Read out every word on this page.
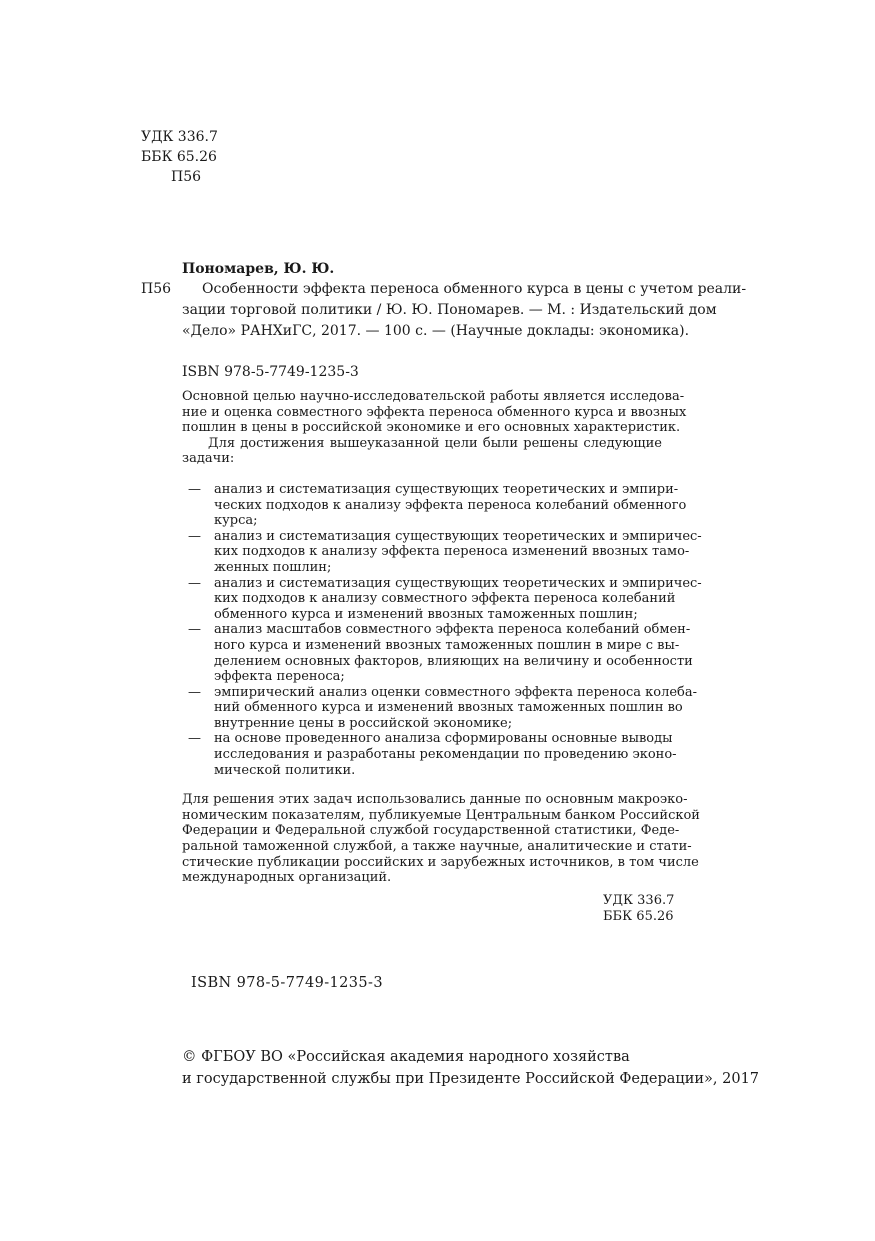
УДК 336.7
ББК 65.26
П56
Пономарев, Ю. Ю.
П56	Особенности эффекта переноса обменного курса в цены с учетом реали-
зации торговой политики / Ю. Ю. Пономарев. — М. : Издательский дом
«Дело» РАНХиГС, 2017. — 100 с. — (Научные доклады: экономика).
ISBN 978-5-7749-1235-3
Основной целью научно-исследовательской работы является исследова-
ние и оценка совместного эффекта переноса обменного курса и ввозных
пошлин в цены в российской экономике и его основных характеристик.
Для достижения вышеуказанной цели были решены следующие
задачи:
— анализ и систематизация существующих теоретических и эмпири-
ческих подходов к анализу эффекта переноса колебаний обменного
курса;
— анализ и систематизация существующих теоретических и эмпиричес-
ких подходов к анализу эффекта переноса изменений ввозных тамо-
женных пошлин;
— анализ и систематизация существующих теоретических и эмпиричес-
ких подходов к анализу совместного эффекта переноса колебаний
обменного курса и изменений ввозных таможенных пошлин;
— анализ масштабов совместного эффекта переноса колебаний обмен-
ного курса и изменений ввозных таможенных пошлин в мире с вы-
делением основных факторов, влияющих на величину и особенности
эффекта переноса;
— эмпирический анализ оценки совместного эффекта переноса колеба-
ний обменного курса и изменений ввозных таможенных пошлин во
внутренние цены в российской экономике;
— на основе проведенного анализа сформированы основные выводы
исследования и разработаны рекомендации по проведению эконо-
мической политики.
Для решения этих задач использовались данные по основным макроэко-
номическим показателям, публикуемые Центральным банком Российской
Федерации и Федеральной службой государственной статистики, Феде-
ральной таможенной службой, а также научные, аналитические и стати-
стические публикации российских и зарубежных источников, в том числе
международных организаций.
УДК 336.7
ББК 65.26
ISBN 978-5-7749-1235-3
© ФГБОУ ВО «Российская академия народного хозяйства
и государственной службы при Президенте Российской Федерации», 2017
